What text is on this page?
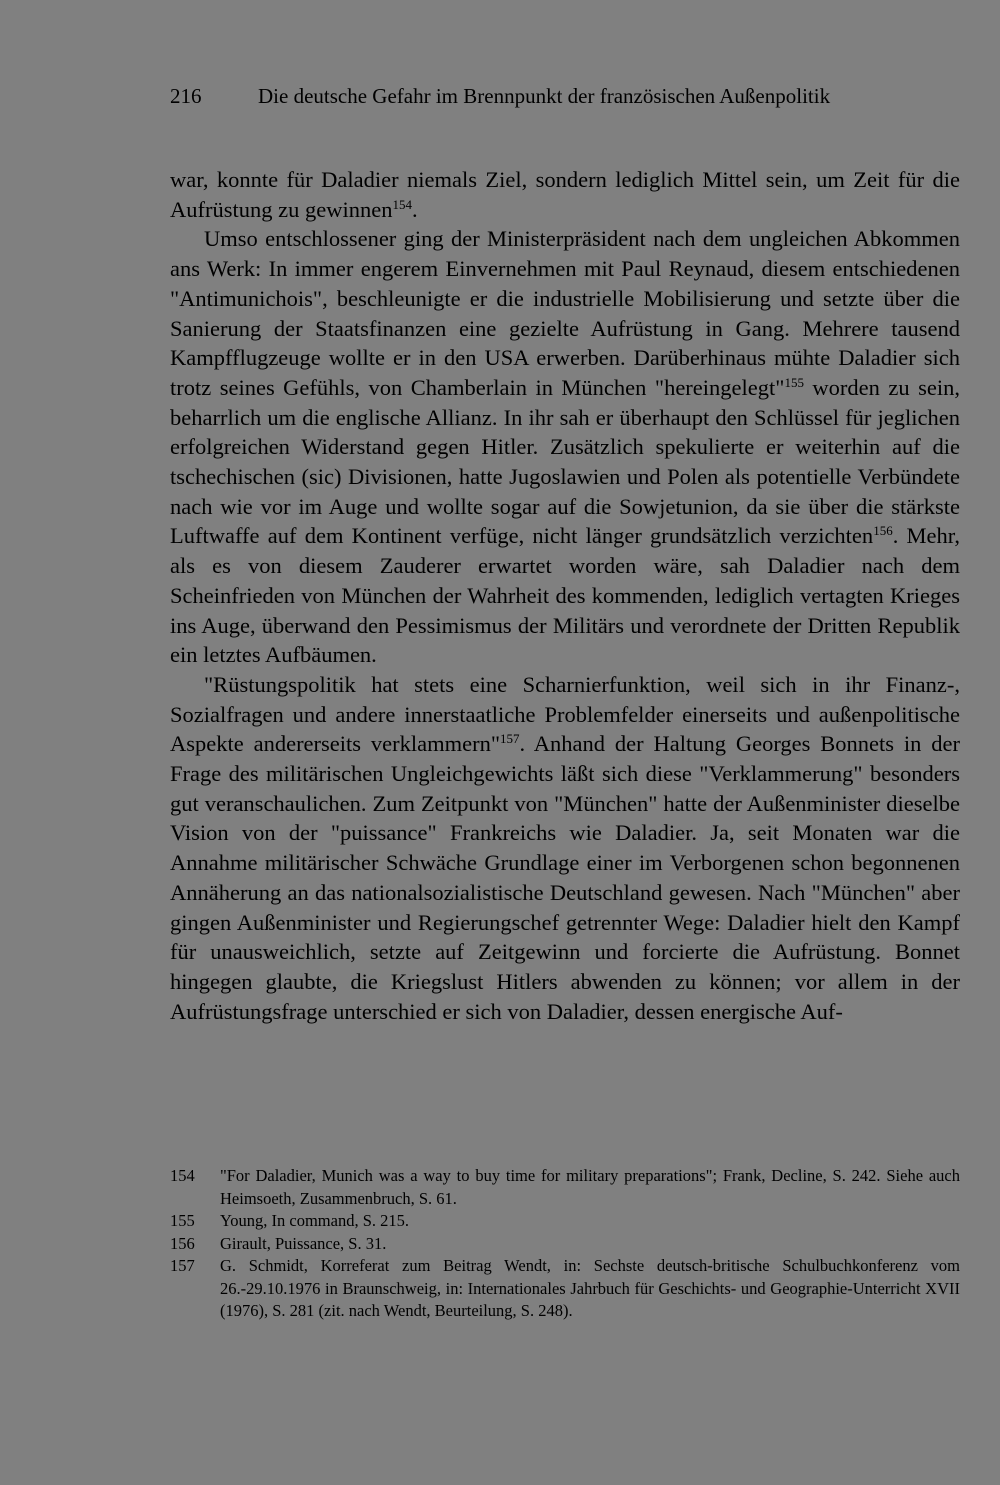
216	Die deutsche Gefahr im Brennpunkt der französischen Außenpolitik

war, konnte für Daladier niemals Ziel, sondern lediglich Mittel sein, um Zeit für die Aufrüstung zu gewinnen$^{154}$.

Umso entschlossener ging der Ministerpräsident nach dem ungleichen Abkommen ans Werk: In immer engerem Einvernehmen mit Paul Reynaud, diesem entschiedenen "Antimunichois", beschleunigte er die industrielle Mobilisierung und setzte über die Sanierung der Staatsfinanzen eine gezielte Aufrüstung in Gang. Mehrere tausend Kampfflugzeuge wollte er in den USA erwerben. Darüberhinaus mühte Daladier sich trotz seines Gefühls, von Chamberlain in München "hereingelegt"$^{155}$ worden zu sein, beharrlich um die englische Allianz. In ihr sah er überhaupt den Schlüssel für jeglichen erfolgreichen Widerstand gegen Hitler. Zusätzlich spekulierte er weiterhin auf die tschechischen (sic) Divisionen, hatte Jugoslawien und Polen als potentielle Verbündete nach wie vor im Auge und wollte sogar auf die Sowjetunion, da sie über die stärkste Luftwaffe auf dem Kontinent verfüge, nicht länger grundsätzlich verzichten$^{156}$. Mehr, als es von diesem Zauderer erwartet worden wäre, sah Daladier nach dem Scheinfrieden von München der Wahrheit des kommenden, lediglich vertagten Krieges ins Auge, überwand den Pessimismus der Militärs und verordnete der Dritten Republik ein letztes Aufbäumen.

"Rüstungspolitik hat stets eine Scharnierfunktion, weil sich in ihr Finanz-, Sozialfragen und andere innerstaatliche Problemfelder einerseits und außenpolitische Aspekte andererseits verklammern"$^{157}$. Anhand der Haltung Georges Bonnets in der Frage des militärischen Ungleichgewichts läßt sich diese "Verklammerung" besonders gut veranschaulichen. Zum Zeitpunkt von "München" hatte der Außenminister dieselbe Vision von der "puissance" Frankreichs wie Daladier. Ja, seit Monaten war die Annahme militärischer Schwäche Grundlage einer im Verborgenen schon begonnenen Annäherung an das nationalsozialistische Deutschland gewesen. Nach "München" aber gingen Außenminister und Regierungschef getrennter Wege: Daladier hielt den Kampf für unausweichlich, setzte auf Zeitgewinn und forcierte die Aufrüstung. Bonnet hingegen glaubte, die Kriegslust Hitlers abwenden zu können; vor allem in der Aufrüstungsfrage unterschied er sich von Daladier, dessen energische Auf-

154	"For Daladier, Munich was a way to buy time for military preparations"; Frank, Decline, S. 242. Siehe auch Heimsoeth, Zusammenbruch, S. 61.
155	Young, In command, S. 215.
156	Girault, Puissance, S. 31.
157	G. Schmidt, Korreferat zum Beitrag Wendt, in: Sechste deutsch-britische Schulbuchkonferenz vom 26.-29.10.1976 in Braunschweig, in: Internationales Jahrbuch für Geschichts- und Geographie-Unterricht XVII (1976), S. 281 (zit. nach Wendt, Beurteilung, S. 248).
